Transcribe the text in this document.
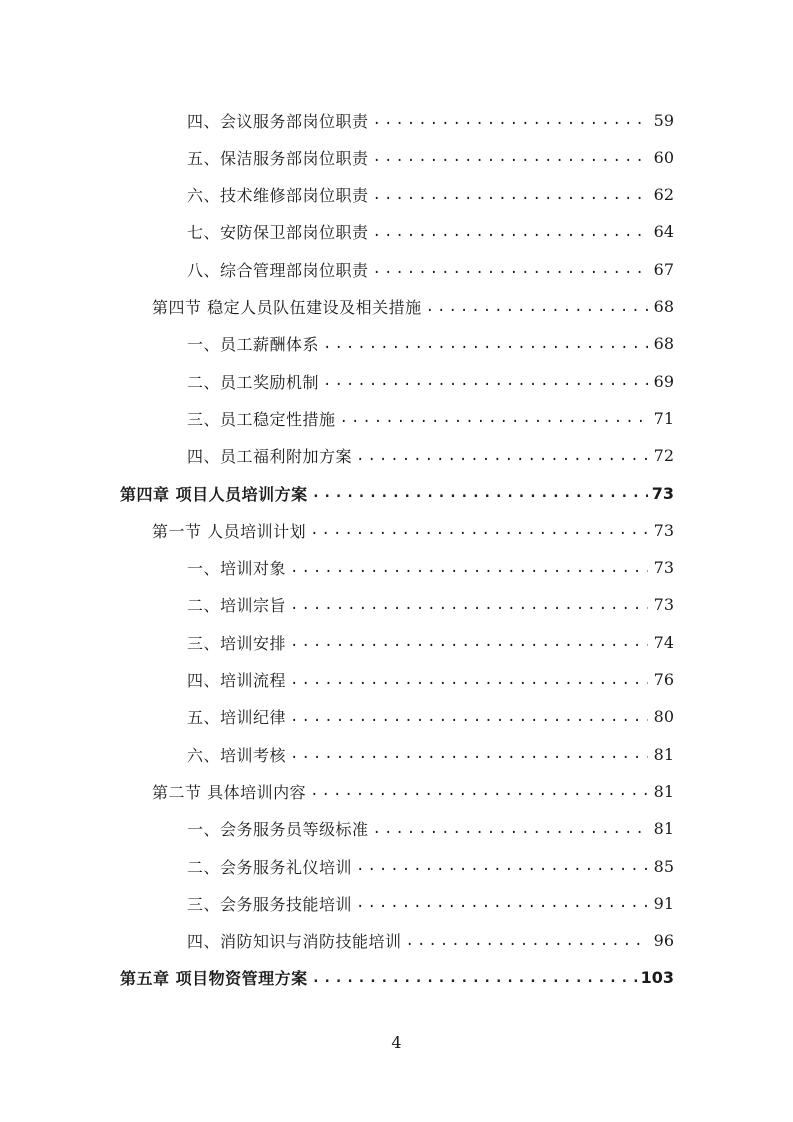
四、会议服务部岗位职责 .....	59
五、保洁服务部岗位职责 .....	60
六、技术维修部岗位职责 .....	62
七、安防保卫部岗位职责 .....	64
八、综合管理部岗位职责 .....	67
第四节 稳定人员队伍建设及相关措施 .....	68
一、员工薪酬体系 .....	68
二、员工奖励机制 .....	69
三、员工稳定性措施 .....	71
四、员工福利附加方案 .....	72
第四章 项目人员培训方案 .....	73
第一节 人员培训计划 .....	73
一、培训对象 .....	73
二、培训宗旨 .....	73
三、培训安排 .....	74
四、培训流程 .....	76
五、培训纪律 .....	80
六、培训考核 .....	81
第二节 具体培训内容 .....	81
一、会务服务员等级标准 .....	81
二、会务服务礼仪培训 .....	85
三、会务服务技能培训 .....	91
四、消防知识与消防技能培训 .....	96
第五章 项目物资管理方案 .....	103
4
